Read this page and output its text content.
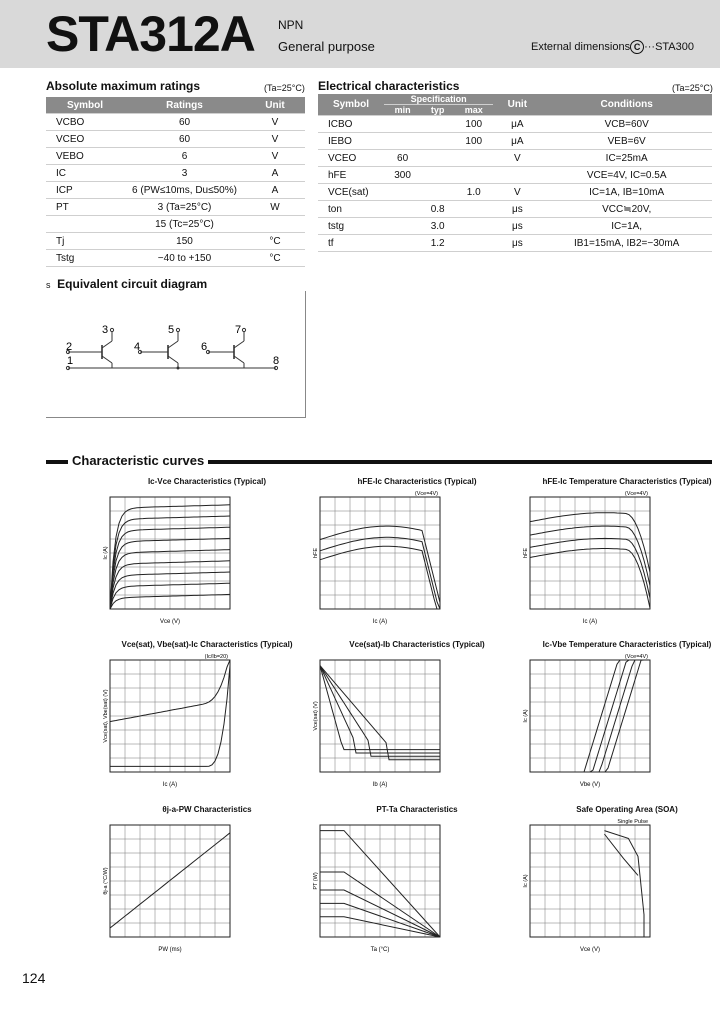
STA312A NPN
General purpose	External dimensions C ···STA300
Absolute maximum ratings	(Ta=25°C)
Symbol	Ratings	Unit
VCBO	60	V
VCEO	60	V
VEBO	6	V
IC	3	A
ICP	6 (PW≤10ms, Du≤50%)	A
PT	3 (Ta=25°C)	W
	15 (Tc=25°C)	
Tj	150	°C
Tstg	−40 to +150	°C
Electrical characteristics	(Ta=25°C)
Symbol	Specification			Unit	Conditions
	min	typ	max		
ICBO			100	μA	VCB=60V
IEBO			100	μA	VEB=6V
VCEO	60			V	IC=25mA
hFE	300				VCE=4V, IC=0.5A
VCE(sat)			1.0	V	IC=1A, IB=10mA
ton		0.8		μs	VCC≒20V,
tstg		3.0		μs	IC=1A,
tf		1.2		μs	IB1=15mA, IB2=−30mA
s Equivalent circuit diagram
1
2
3
4
5
6
7
8
Characteristic curves
Ic-Vce Characteristics (Typical)
Vce (V)
Ic (A)
hFE-Ic Characteristics (Typical)
Ic (A)
hFE
(Vce=4V)
hFE-Ic Temperature Characteristics (Typical)
Ic (A)
hFE
(Vce=4V)
Vce(sat), Vbe(sat)-Ic Characteristics (Typical)
Ic (A)
Vce(sat), Vbe(sat) (V)
(Ic/Ib=20)
Vce(sat)-Ib Characteristics (Typical)
Ib (A)
Vce(sat) (V)
Ic-Vbe Temperature Characteristics (Typical)
Vbe (V)
Ic (A)
(Vce=4V)
θj-a-PW Characteristics
PW (ms)
θj-a (°C/W)
PT-Ta Characteristics
Ta (°C)
PT (W)
Safe Operating Area (SOA)
Vce (V)
Ic (A)
Single Pulse
124
